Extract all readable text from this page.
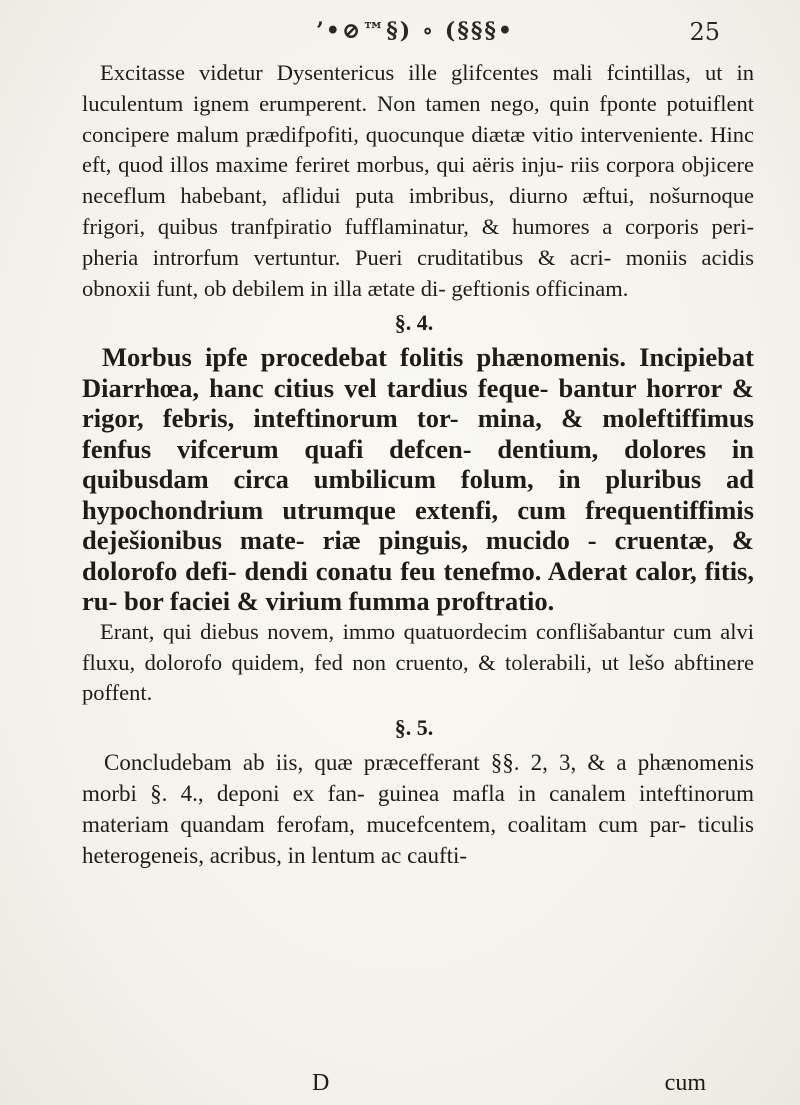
’•⊘™§) ∘ (§§§•	25

Excitasse videtur Dysentericus ille glifcentes mali fcintillas, ut in luculentum ignem erumperent. Non tamen nego, quin fponte potuiflent concipere malum prædifpofiti, quocunque diætæ vitio interveniente. Hinc eft, quod illos maxime feriret morbus, qui aëris inju- riis corpora objicere neceflum habebant, aflidui puta imbribus, diurno æftui, nošurnoque frigori, quibus tranfpiratio fufflaminatur, & humores a corporis peri- pheria introrfum vertuntur. Pueri cruditatibus & acri- moniis acidis obnoxii funt, ob debilem in illa ætate di- geftionis officinam.

§. 4.

Morbus ipfe procedebat folitis phænomenis. Incipiebat Diarrhœa, hanc citius vel tardius feque- bantur horror & rigor, febris, inteftinorum tor- mina, & moleftiffimus fenfus vifcerum quafi defcen- dentium, dolores in quibusdam circa umbilicum folum, in pluribus ad hypochondrium utrumque extenfi, cum frequentiffimis deješionibus mate- riæ pinguis, mucido - cruentæ, & dolorofo defi- dendi conatu feu tenefmo. Aderat calor, fitis, ru- bor faciei & virium fumma proftratio.

Erant, qui diebus novem, immo quatuordecim conflišabantur cum alvi fluxu, dolorofo quidem, fed non cruento, & tolerabili, ut lešo abftinere poffent.

§. 5.

Concludebam ab iis, quæ præcefferant §§. 2, 3, & a phænomenis morbi §. 4., deponi ex fan- guinea mafla in canalem inteftinorum materiam quandam ferofam, mucefcentem, coalitam cum par- ticulis heterogeneis, acribus, in lentum ac caufti-

D	cum
